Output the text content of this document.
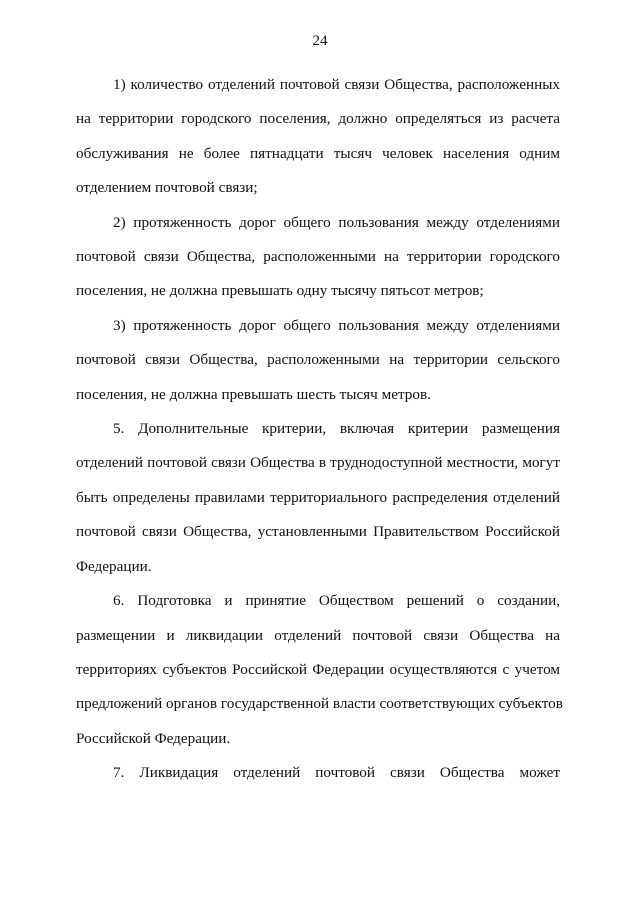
24
1) количество отделений почтовой связи Общества, расположенных
на территории городского поселения, должно определяться из расчета
обслуживания не более пятнадцати тысяч человек населения одним
отделением почтовой связи;
2) протяженность дорог общего пользования между отделениями
почтовой связи Общества, расположенными на территории городского
поселения, не должна превышать одну тысячу пятьсот метров;
3) протяженность дорог общего пользования между отделениями
почтовой связи Общества, расположенными на территории сельского
поселения, не должна превышать шесть тысяч метров.
5. Дополнительные критерии, включая критерии размещения
отделений почтовой связи Общества в труднодоступной местности, могут
быть определены правилами территориального распределения отделений
почтовой связи Общества, установленными Правительством Российской
Федерации.
6. Подготовка и принятие Обществом решений о создании,
размещении и ликвидации отделений почтовой связи Общества на
территориях субъектов Российской Федерации осуществляются с учетом
предложений органов государственной власти соответствующих субъектов
Российской Федерации.
7. Ликвидация отделений почтовой связи Общества может
